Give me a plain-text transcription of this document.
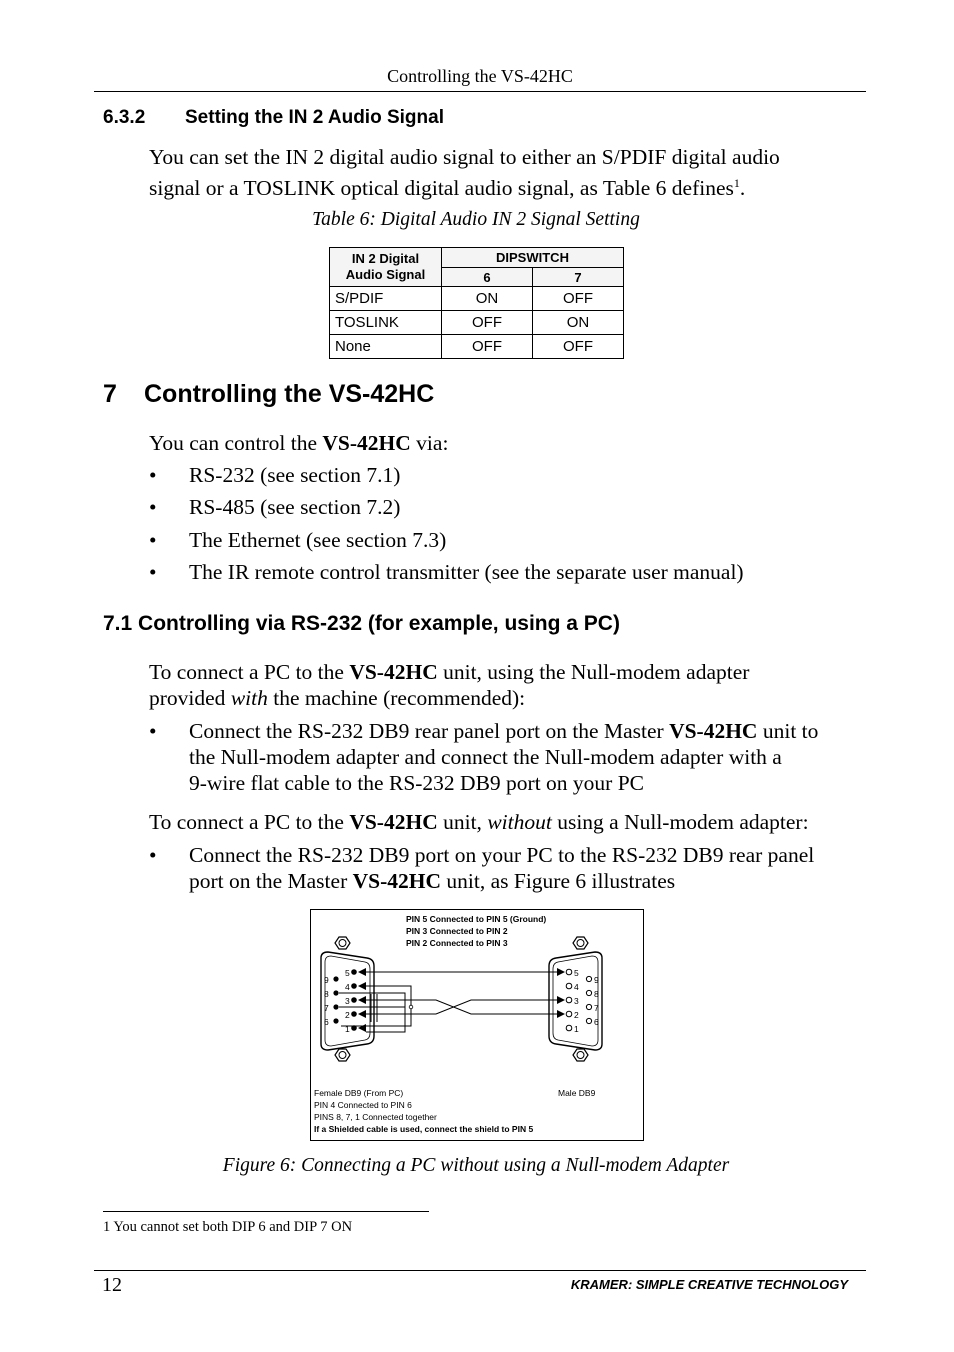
Controlling the VS-42HC
6.3.2 Setting the IN 2 Audio Signal
You can set the IN 2 digital audio signal to either an S/PDIF digital audio
signal or a TOSLINK optical digital audio signal, as Table 6 defines$^1$.
Table 6: Digital Audio IN 2 Signal Setting
IN 2 Digital
Audio Signal	DIPSWITCH	
	6	7
S/PDIF	ON	OFF
TOSLINK	OFF	ON
None	OFF	OFF
7 Controlling the VS-42HC
You can control the VS-42HC via:
• RS-232 (see section 7.1)
• RS-485 (see section 7.2)
• The Ethernet (see section 7.3)
• The IR remote control transmitter (see the separate user manual)
7.1 Controlling via RS-232 (for example, using a PC)
To connect a PC to the VS-42HC unit, using the Null-modem adapter
provided with the machine (recommended):
• Connect the RS-232 DB9 rear panel port on the Master VS-42HC unit to
the Null-modem adapter and connect the Null-modem adapter with a
9-wire flat cable to the RS-232 DB9 port on your PC
To connect a PC to the VS-42HC unit, without using a Null-modem adapter:
• Connect the RS-232 DB9 port on your PC to the RS-232 DB9 rear panel
port on the Master VS-42HC unit, as Figure 6 illustrates
PIN 5 Connected to PIN 5 (Ground)
PIN 3 Connected to PIN 2
PIN 2 Connected to PIN 3
9
8
7
6
5
4
3
2
1
5
4
3
2
1
9
8
7
6
Female DB9 (From PC)
PIN 4 Connected to PIN 6
PINS 8, 7, 1 Connected together
If a Shielded cable is used, connect the shield to PIN 5
Male DB9
Figure 6: Connecting a PC without using a Null-modem Adapter
1 You cannot set both DIP 6 and DIP 7 ON
12	KRAMER: SIMPLE CREATIVE TECHNOLOGY
